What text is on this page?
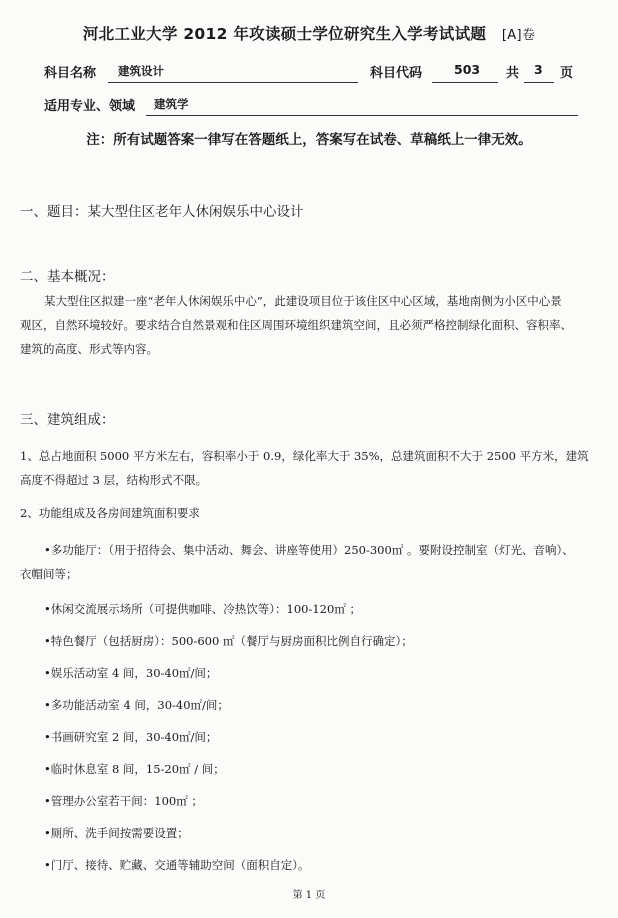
河北工业大学 2012 年攻读硕士学位研究生入学考试试题 [A]卷
科目名称 建筑设计	科目代码	503 共 3 页
适用专业、领域 建筑学
注：所有试题答案一律写在答题纸上，答案写在试卷、草稿纸上一律无效。
一、题目：某大型住区老年人休闲娱乐中心设计
二、基本概况：
某大型住区拟建一座“老年人休闲娱乐中心”，此建设项目位于该住区中心区域，基地南侧为小区中心景
观区，自然环境较好。要求结合自然景观和住区周围环境组织建筑空间，且必须严格控制绿化面积、容积率、
建筑的高度、形式等内容。
三、建筑组成：
1、总占地面积 5000 平方米左右，容积率小于 0.9，绿化率大于 35%，总建筑面积不大于 2500 平方米，建筑
高度不得超过 3 层，结构形式不限。
2、功能组成及各房间建筑面积要求
•多功能厅：（用于招待会、集中活动、舞会、讲座等使用）250-300㎡ 。要附设控制室（灯光、音响）、
衣帽间等；
•休闲交流展示场所（可提供咖啡、冷热饮等）：100-120㎡ ；
•特色餐厅（包括厨房）：500-600 ㎡（餐厅与厨房面积比例自行确定）；
•娱乐活动室 4 间，30-40㎡/间；
•多功能活动室 4 间，30-40㎡/间；
•书画研究室 2 间，30-40㎡/间；
•临时休息室 8 间，15-20㎡ / 间；
•管理办公室若干间：100㎡ ；
•厕所、洗手间按需要设置；
•门厅、接待、贮藏、交通等辅助空间（面积自定）。
第 1 页
